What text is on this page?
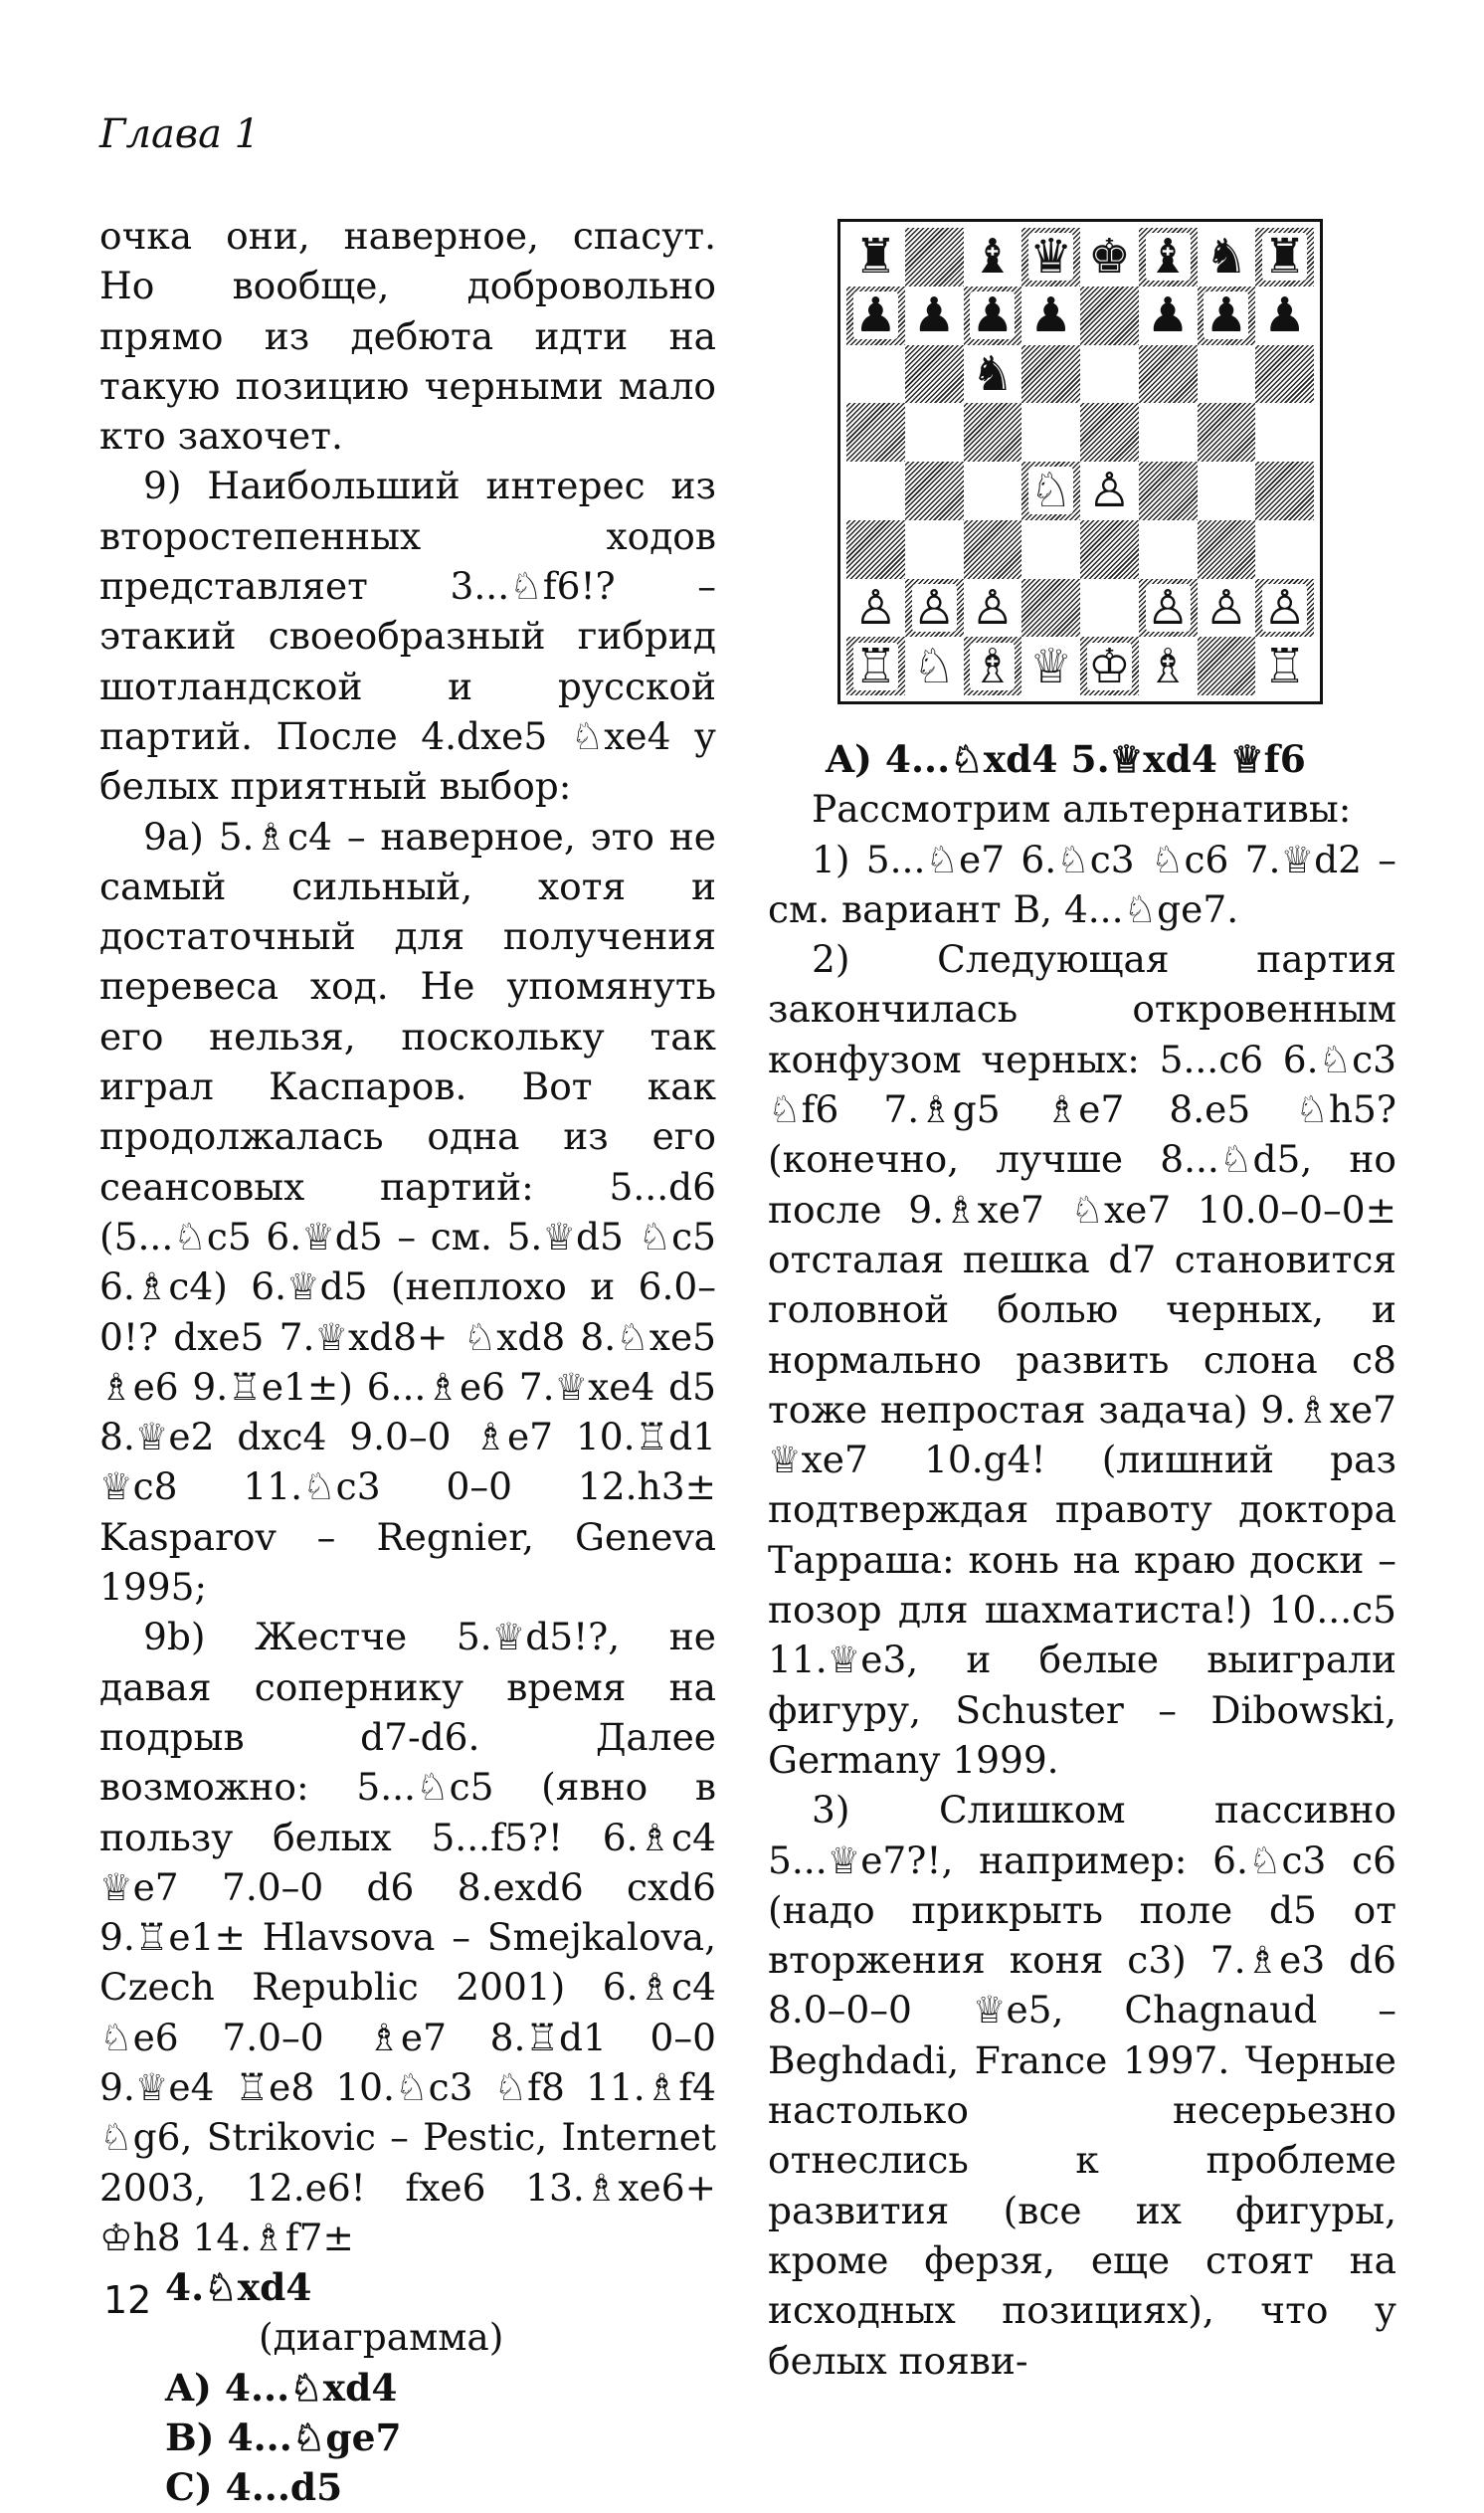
Глава 1

очка они, наверное, спасут. Но вообще, добровольно прямо из дебюта идти на такую позицию черными мало кто захочет.

9) Наибольший интерес из второстепенных ходов представляет 3...♘f6!? – этакий своеобразный гибрид шотландской и русской партий. После 4.dxe5 ♘xe4 у белых приятный выбор:

9а) 5.♗c4 – наверное, это не самый сильный, хотя и достаточный для получения перевеса ход. Не упомянуть его нельзя, поскольку так играл Каспаров. Вот как продолжалась одна из его сеансовых партий: 5...d6 (5...♘c5 6.♕d5 – см. 5.♕d5 ♘c5 6.♗c4) 6.♕d5 (неплохо и 6.0–0!? dxe5 7.♕xd8+ ♘xd8 8.♘xe5 ♗e6 9.♖e1±) 6...♗e6 7.♕xe4 d5 8.♕e2 dxc4 9.0–0 ♗e7 10.♖d1 ♕c8 11.♘c3 0–0 12.h3± Kasparov – Regnier, Geneva 1995;

9b) Жестче 5.♕d5!?, не давая сопернику время на подрыв d7-d6. Далее возможно: 5...♘c5 (явно в пользу белых 5...f5?! 6.♗c4 ♕e7 7.0–0 d6 8.exd6 cxd6 9.♖e1± Hlavsova – Smejkalova, Czech Republic 2001) 6.♗c4 ♘e6 7.0–0 ♗e7 8.♖d1 0–0 9.♕e4 ♖e8 10.♘c3 ♘f8 11.♗f4 ♘g6, Strikovic – Pestic, Internet 2003, 12.e6! fxe6 13.♗xe6+ ♔h8 14.♗f7±

4.♘xd4
(диаграмма)
A) 4...♘xd4
B) 4...♘ge7
C) 4...d5
♜ ♝ ♛ ♚ ♝ ♞ ♜
♟ ♟ ♟ ♟ ♟ ♟ ♟
♞
♘ ♙
♙ ♙ ♙	♙ ♙ ♙
♖ ♘ ♗ ♕ ♔ ♗ ♖
A) 4...♘xd4 5.♕xd4 ♕f6

Рассмотрим альтернативы:

1) 5...♘e7 6.♘c3 ♘c6 7.♕d2 – см. вариант B, 4...♘ge7.

2) Следующая партия закончилась откровенным конфузом черных: 5...c6 6.♘c3 ♘f6 7.♗g5 ♗e7 8.e5 ♘h5? (конечно, лучше 8...♘d5, но после 9.♗xe7 ♘xe7 10.0–0–0± отсталая пешка d7 становится головной болью черных, и нормально развить слона c8 тоже непростая задача) 9.♗xe7 ♕xe7 10.g4! (лишний раз подтверждая правоту доктора Тарраша: конь на краю доски – позор для шахматиста!) 10...c5 11.♕e3, и белые выиграли фигуру, Schuster – Dibowski, Germany 1999.

3) Слишком пассивно 5...♕e7?!, например: 6.♘c3 c6 (надо прикрыть поле d5 от вторжения коня c3) 7.♗e3 d6 8.0–0–0 ♕e5, Chagnaud – Beghdadi, France 1997. Черные настолько несерьезно отнеслись к проблеме развития (все их фигуры, кроме ферзя, еще стоят на исходных позициях), что у белых появи-

12
